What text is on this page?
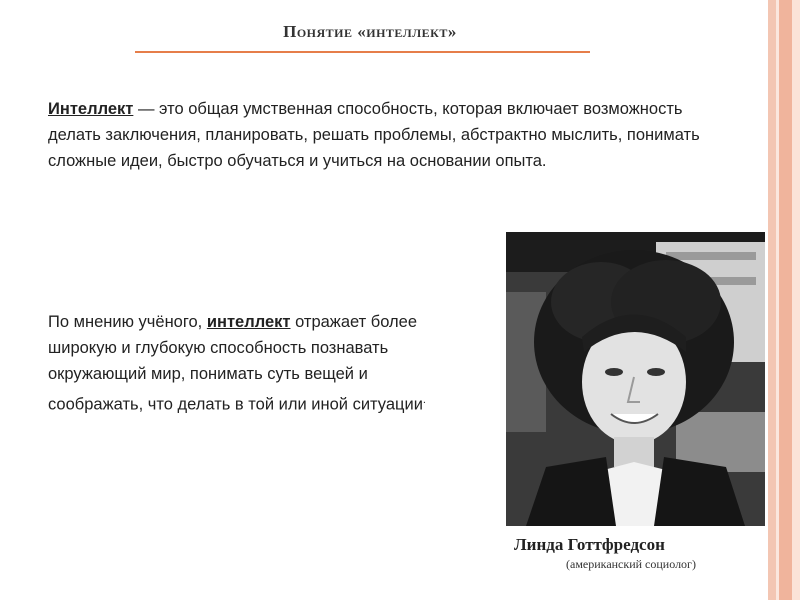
Понятие «интеллект»
Интеллект — это общая умственная способность, которая включает возможность делать заключения, планировать, решать проблемы, абстрактно мыслить, понимать сложные идеи, быстро обучаться и учиться на основании опыта.
По мнению учёного, интеллект отражает более широкую и глубокую способность познавать окружающий мир, понимать суть вещей и соображать, что делать в той или иной ситуации.
Линда Готтфредсон
(американский социолог)
